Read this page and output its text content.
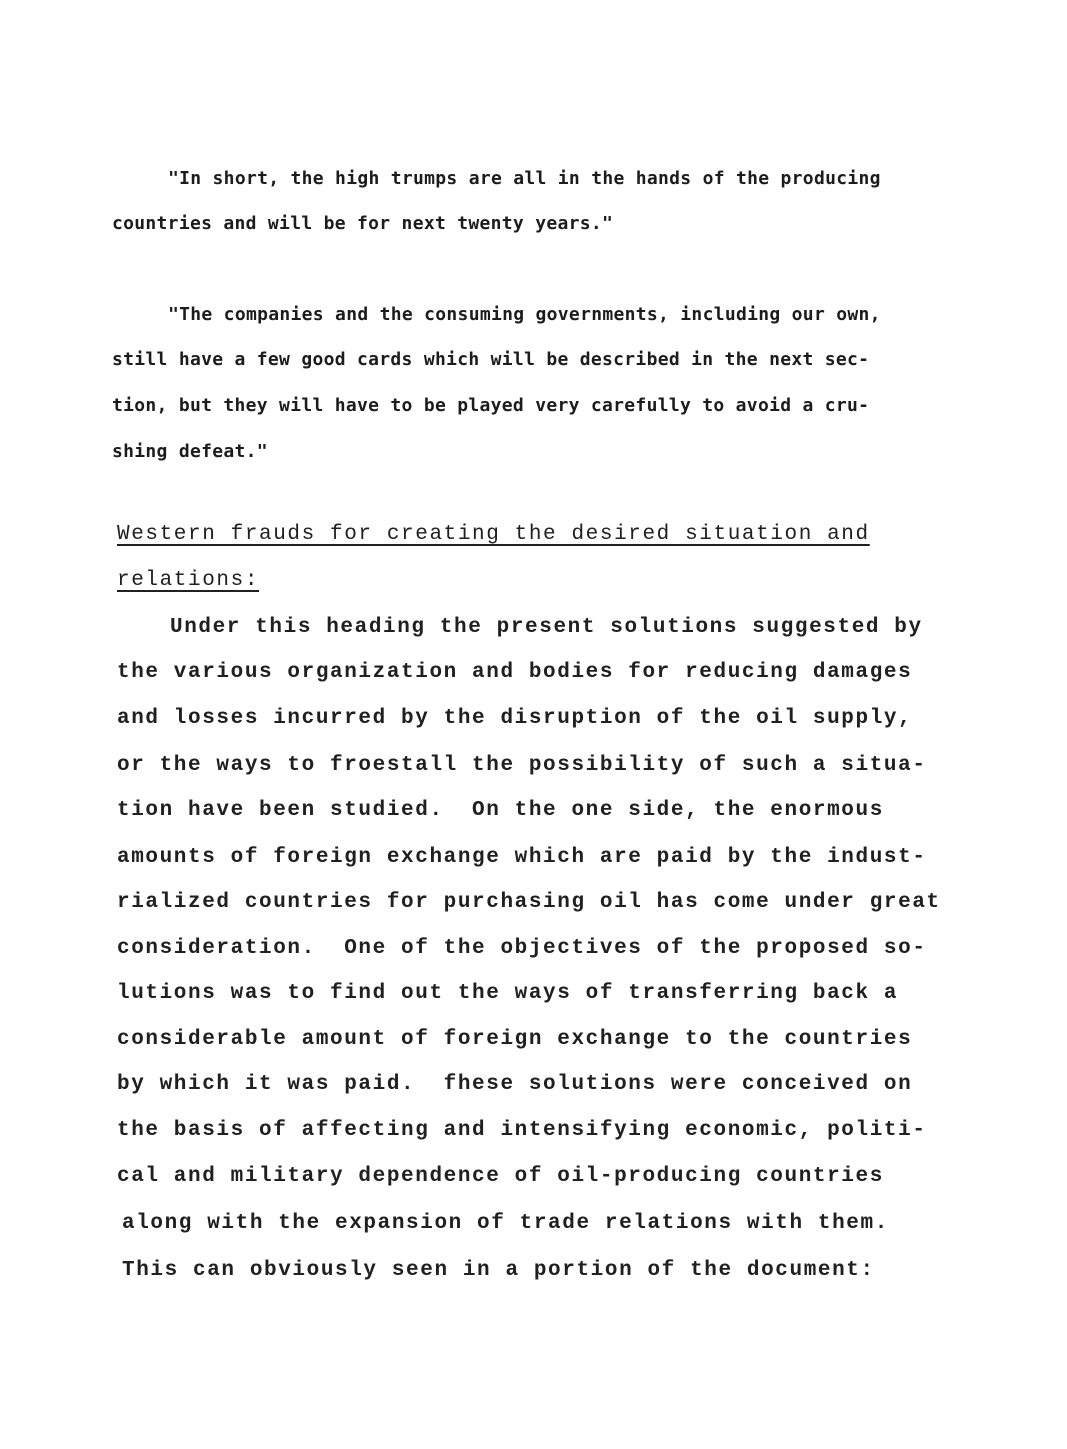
"In short, the high trumps are all in the hands of the producing
countries and will be for next twenty years."
"The companies and the consuming governments, including our own,
still have a few good cards which will be described in the next sec-
tion, but they will have to be played very carefully to avoid a cru-
shing defeat."
Western frauds for creating the desired situation and
relations:
Under this heading the present solutions suggested by
the various organization and bodies for reducing damages
and losses incurred by the disruption of the oil supply,
or the ways to froestall the possibility of such a situa-
tion have been studied.  On the one side, the enormous
amounts of foreign exchange which are paid by the indust-
rialized countries for purchasing oil has come under great
consideration.  One of the objectives of the proposed so-
lutions was to find out the ways of transferring back a
considerable amount of foreign exchange to the countries
by which it was paid.  fhese solutions were conceived on
the basis of affecting and intensifying economic, politi-
cal and military dependence of oil-producing countries
along with the expansion of trade relations with them.
This can obviously seen in a portion of the document:
